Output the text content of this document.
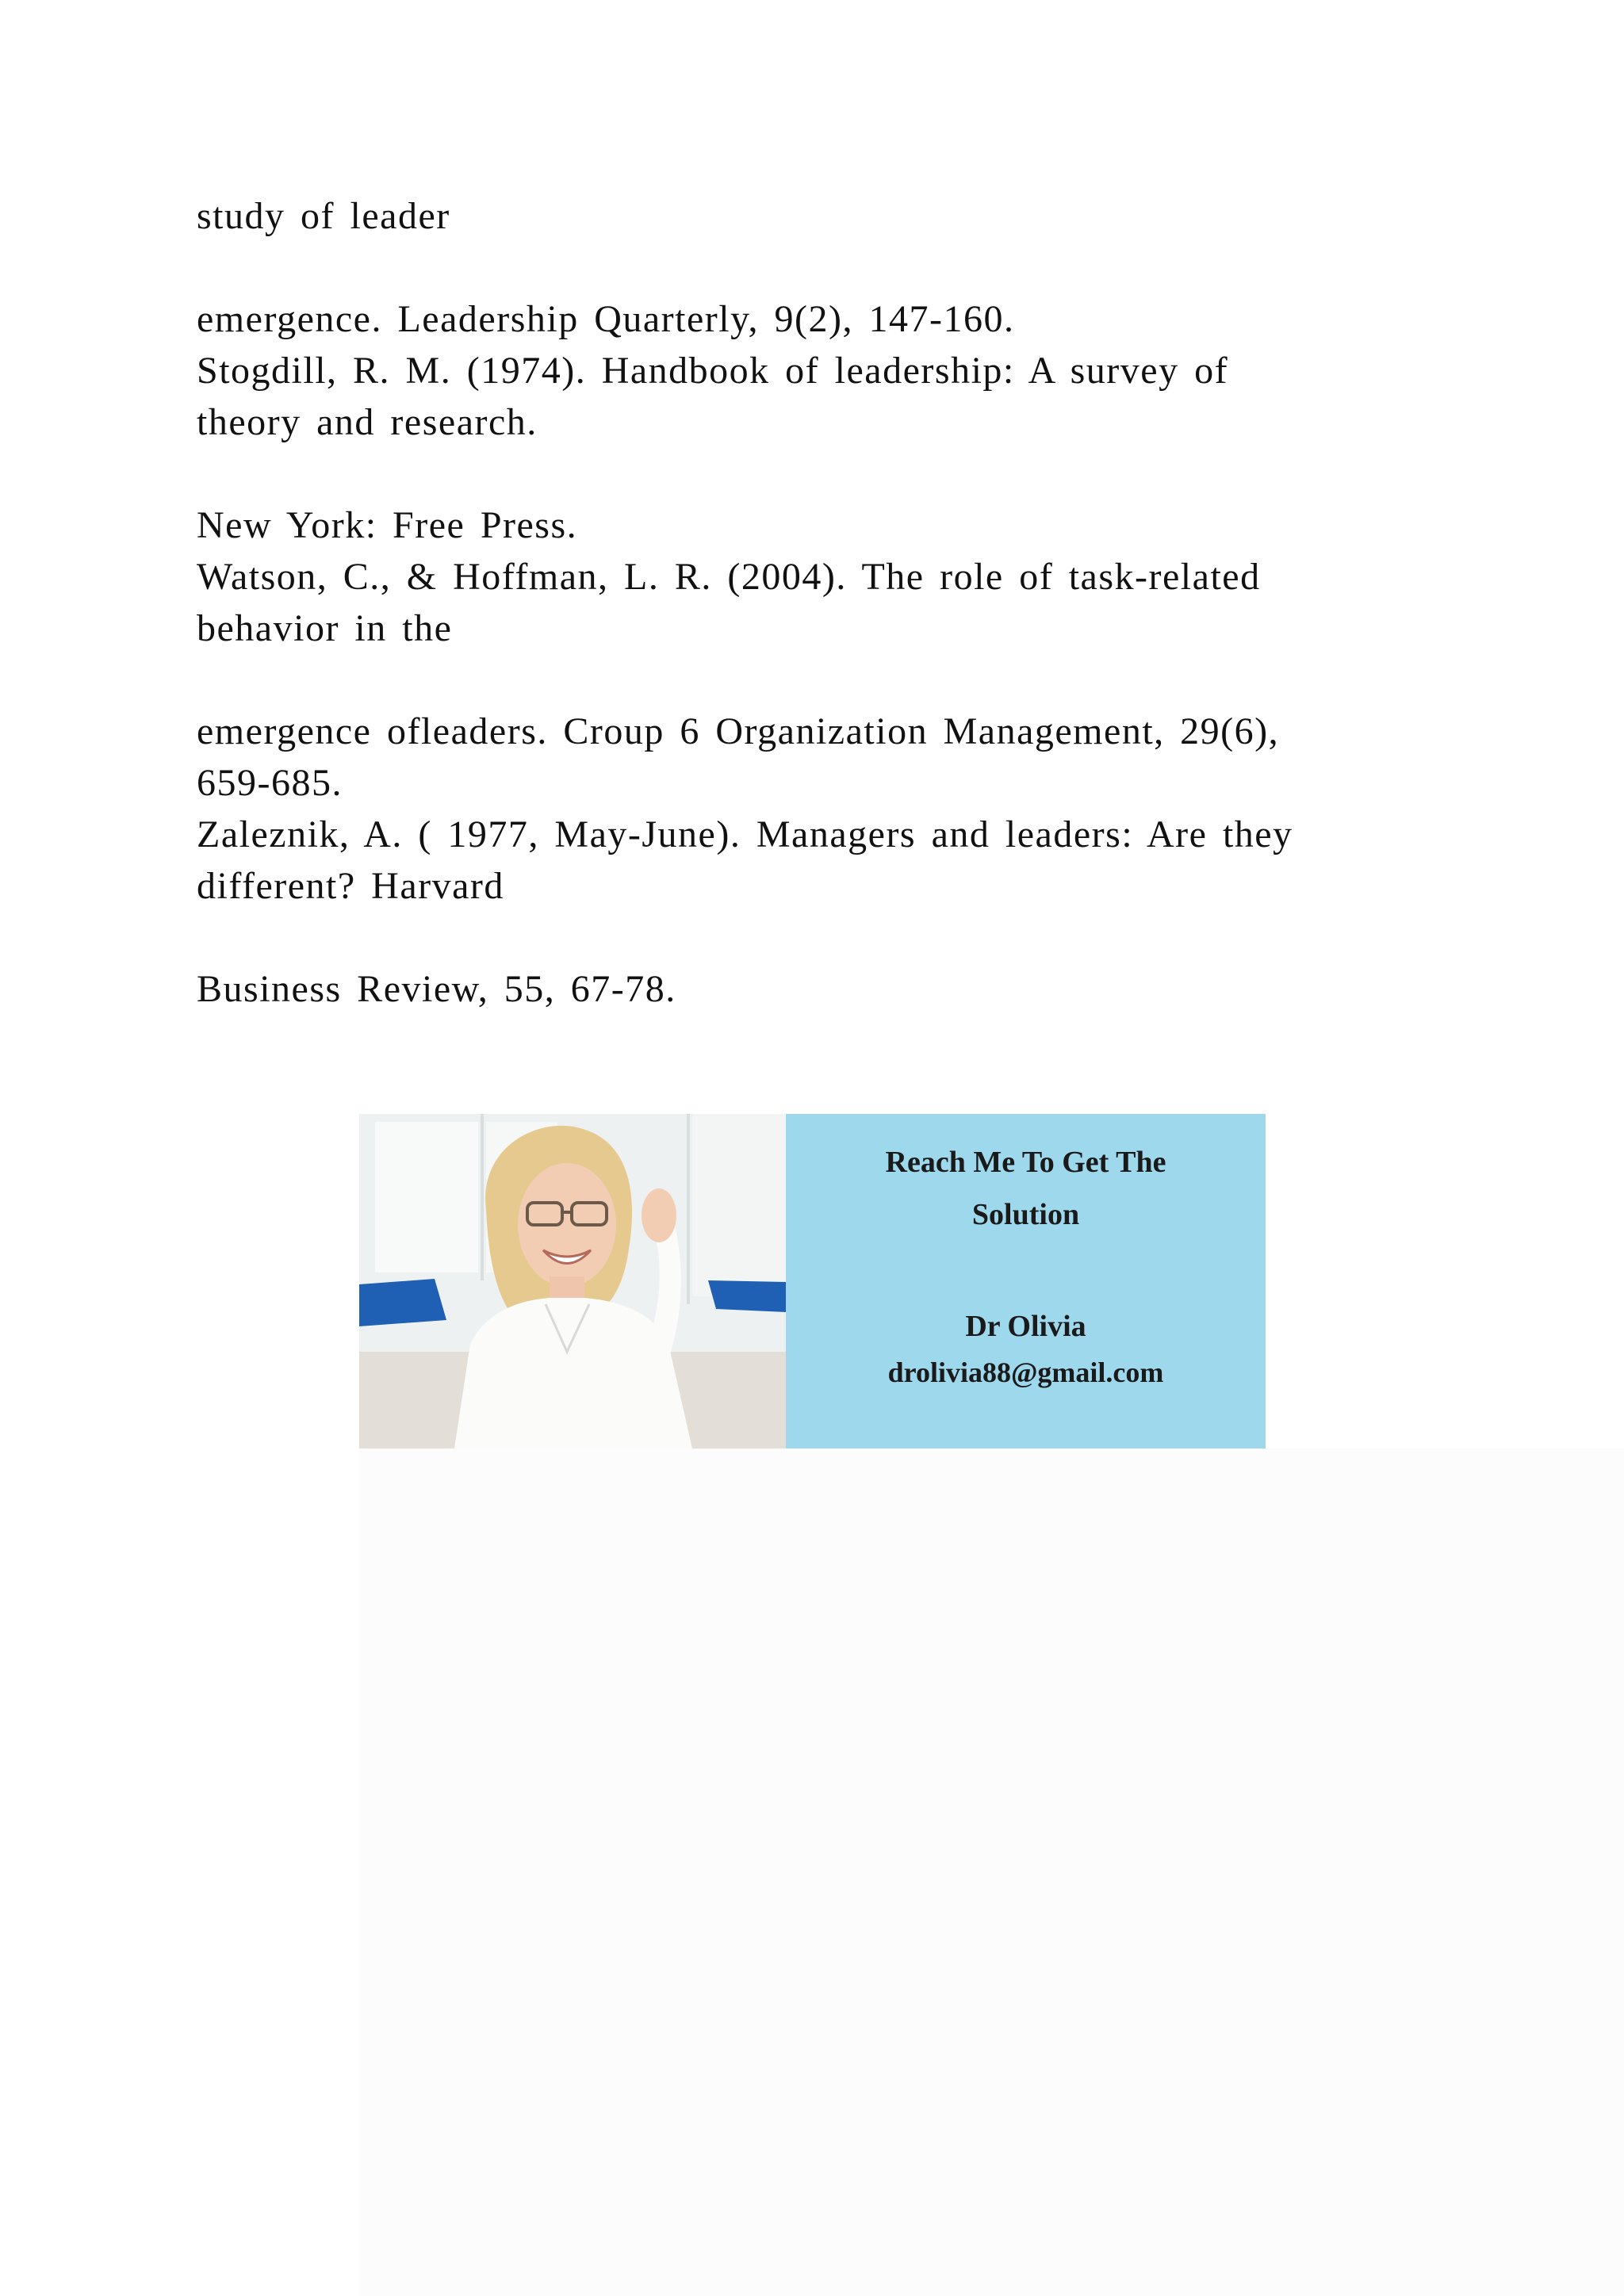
study of leader
emergence. Leadership Quarterly, 9(2), 147-160.
Stogdill, R. M. (1974). Handbook of leadership: A survey of
theory and research.
New York: Free Press.
Watson, C., & Hoffman, L. R. (2004). The role of task-related
behavior in the
emergence ofleaders. Croup 6 Organization Management, 29(6),
659-685.
Zaleznik, A. ( 1977, May-June). Managers and leaders: Are they
different? Harvard
Business Review, 55, 67-78.
Reach Me To Get The
Solution
Dr Olivia
drolivia88@gmail.com
